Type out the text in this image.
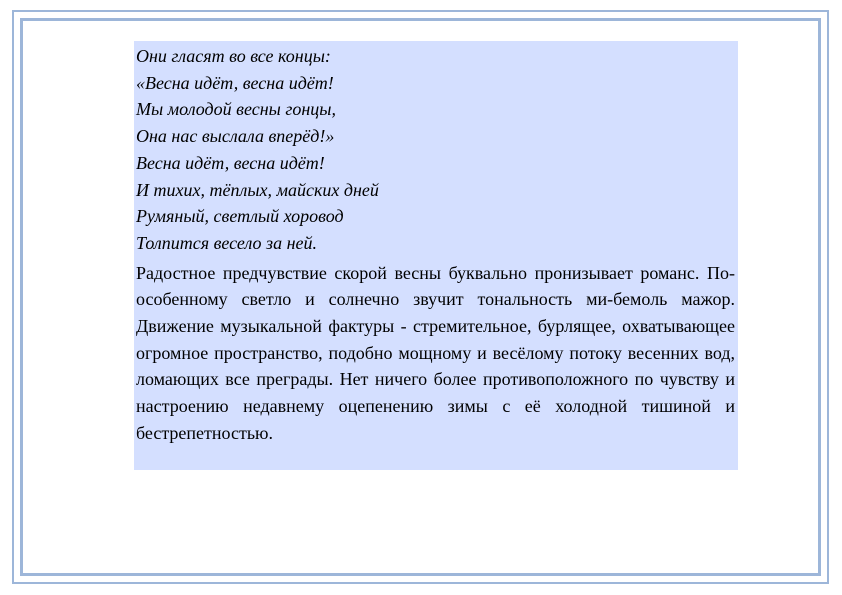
Они гласят во все концы:
«Весна идёт, весна идёт!
Мы молодой весны гонцы,
Она нас выслала вперёд!»
Весна идёт, весна идёт!
И тихих, тёплых, майских дней
Румяный, светлый хоровод
Толпится весело за ней.

Радостное предчувствие скорой весны буквально пронизывает романс. По-особенному светло и солнечно звучит тональность ми-бемоль мажор. Движение музыкальной фактуры - стремительное, бурлящее, охватывающее огромное пространство, подобно мощному и весёлому потоку весенних вод, ломающих все преграды. Нет ничего более противоположного по чувству и настроению недавнему оцепенению зимы с её холодной тишиной и бестрепетностью.
